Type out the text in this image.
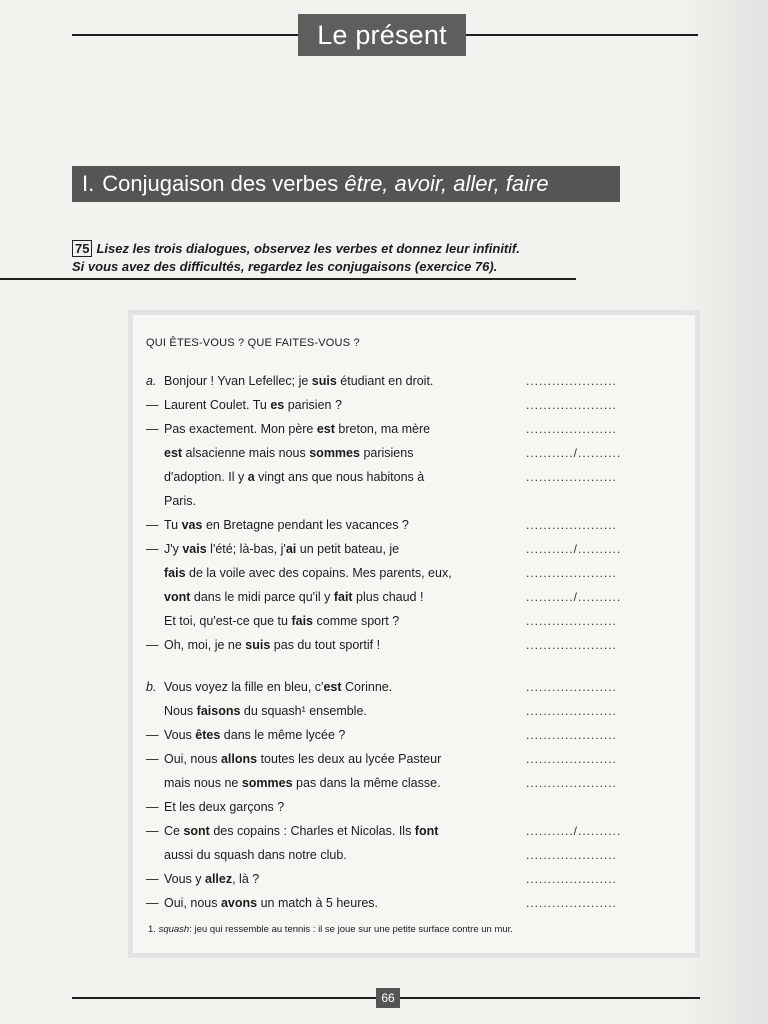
Le présent
I. Conjugaison des verbes être, avoir, aller, faire
75 Lisez les trois dialogues, observez les verbes et donnez leur infinitif.
Si vous avez des difficultés, regardez les conjugaisons (exercice 76).
QUI ÊTES-VOUS ? QUE FAITES-VOUS ?
a. Bonjour ! Yvan Lefellec; je suis étudiant en droit.	.....................
— Laurent Coulet. Tu es parisien ?	.....................
— Pas exactement. Mon père est breton, ma mère	.....................
est alsacienne mais nous sommes parisiens	.........../..........
d'adoption. Il y a vingt ans que nous habitons à	.....................
Paris.
— Tu vas en Bretagne pendant les vacances ?	.....................
— J'y vais l'été; là-bas, j'ai un petit bateau, je	.........../..........
fais de la voile avec des copains. Mes parents, eux,	.....................
vont dans le midi parce qu'il y fait plus chaud !	.........../..........
Et toi, qu'est-ce que tu fais comme sport ?	.....................
— Oh, moi, je ne suis pas du tout sportif !	.....................
b. Vous voyez la fille en bleu, c'est Corinne.	.....................
Nous faisons du squash¹ ensemble.	.....................
— Vous êtes dans le même lycée ?	.....................
— Oui, nous allons toutes les deux au lycée Pasteur	.....................
mais nous ne sommes pas dans la même classe.	.....................
— Et les deux garçons ?
— Ce sont des copains : Charles et Nicolas. Ils font	.........../..........
aussi du squash dans notre club.	.....................
— Vous y allez, là ?	.....................
— Oui, nous avons un match à 5 heures.	.....................
1. squash: jeu qui ressemble au tennis : il se joue sur une petite surface contre un mur.
66
